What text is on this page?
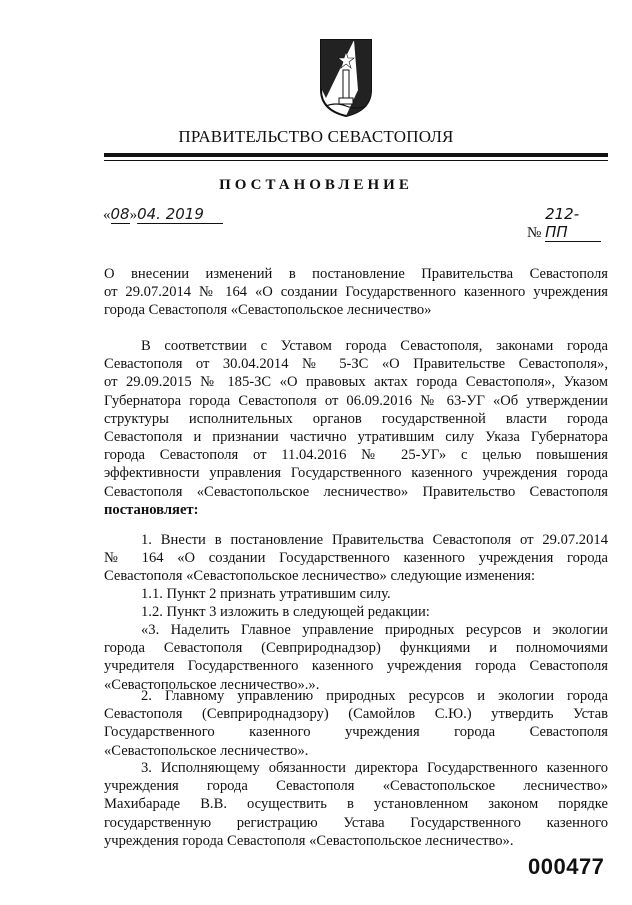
ПРАВИТЕЛЬСТВО СЕВАСТОПОЛЯ
ПОСТАНОВЛЕНИЕ
«08»04. 2019
№ 212-ПП
О внесении изменений в постановление Правительства Севастополя
от 29.07.2014 № 164 «О создании Государственного казенного учреждения
города Севастополя «Севастопольское лесничество»
В соответствии с Уставом города Севастополя, законами города
Севастополя от 30.04.2014 № 5-ЗС «О Правительстве Севастополя»,
от 29.09.2015 № 185-ЗС «О правовых актах города Севастополя», Указом
Губернатора города Севастополя от 06.09.2016 № 63-УГ «Об утверждении
структуры исполнительных органов государственной власти города
Севастополя и признании частично утратившим силу Указа Губернатора
города Севастополя от 11.04.2016 № 25-УГ» с целью повышения
эффективности управления Государственного казенного учреждения города
Севастополя «Севастопольское лесничество» Правительство Севастополя
постановляет:
1. Внести в постановление Правительства Севастополя от 29.07.2014
№ 164 «О создании Государственного казенного учреждения города
Севастополя «Севастопольское лесничество» следующие изменения:
1.1. Пункт 2 признать утратившим силу.
1.2. Пункт 3 изложить в следующей редакции:
«3. Наделить Главное управление природных ресурсов и экологии
города Севастополя (Севприроднадзор) функциями и полномочиями
учредителя Государственного казенного учреждения города Севастополя
«Севастопольское лесничество».».
2. Главному управлению природных ресурсов и экологии города
Севастополя (Севприроднадзору) (Самойлов С.Ю.) утвердить Устав
Государственного казенного учреждения города Севастополя
«Севастопольское лесничество».
3. Исполняющему обязанности директора Государственного казенного
учреждения города Севастополя «Севастопольское лесничество»
Махибараде В.В. осуществить в установленном законом порядке
государственную регистрацию Устава Государственного казенного
учреждения города Севастополя «Севастопольское лесничество».
000477
